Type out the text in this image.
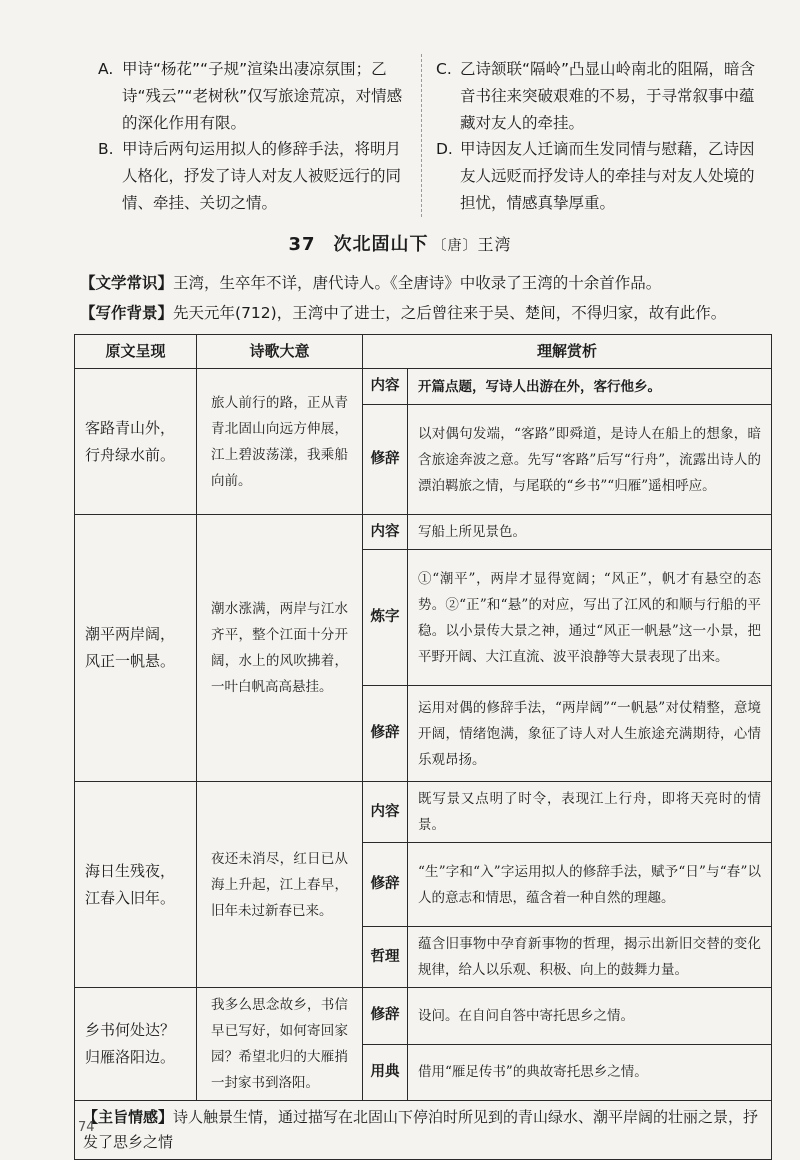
A. 甲诗“杨花”“子规”渲染出凄凉氛围；乙诗“残云”“老树秋”仅写旅途荒凉，对情感的深化作用有限。
B. 甲诗后两句运用拟人的修辞手法，将明月人格化，抒发了诗人对友人被贬远行的同情、牵挂、关切之情。
C. 乙诗颔联“隔岭”凸显山岭南北的阻隔，暗含音书往来突破艰难的不易，于寻常叙事中蕴藏对友人的牵挂。
D. 甲诗因友人迁谪而生发同情与慰藉，乙诗因友人远贬而抒发诗人的牵挂与对友人处境的担忧，情感真挚厚重。
37 次北固山下 〔唐〕王湾
【文学常识】王湾，生卒年不详，唐代诗人。《全唐诗》中收录了王湾的十余首作品。
【写作背景】先天元年(712)，王湾中了进士，之后曾往来于吴、楚间，不得归家，故有此作。
原文呈现	诗歌大意	理解赏析	
客路青山外，行舟绿水前。	旅人前行的路，正从青青北固山向远方伸展，江上碧波荡漾，我乘船向前。	内容	开篇点题，写诗人出游在外，客行他乡。
		修辞	以对偶句发端，“客路”即舜道，是诗人在船上的想象，暗含旅途奔波之意。先写“客路”后写“行舟”，流露出诗人的漂泊羁旅之情，与尾联的“乡书”“归雁”遥相呼应。
潮平两岸阔，风正一帆悬。	潮水涨满，两岸与江水齐平，整个江面十分开阔，水上的风吹拂着，一叶白帆高高悬挂。	内容	写船上所见景色。
		炼字	①“潮平”，两岸才显得宽阔；“风正”，帆才有悬空的态势。②“正”和“悬”的对应，写出了江风的和顺与行船的平稳。以小景传大景之神，通过“风正一帆悬”这一小景，把平野开阔、大江直流、波平浪静等大景表现了出来。
		修辞	运用对偶的修辞手法，“两岸阔”“一帆悬”对仗精整，意境开阔，情绪饱满，象征了诗人对人生旅途充满期待，心情乐观昂扬。
海日生残夜，江春入旧年。	夜还未消尽，红日已从海上升起，江上春早，旧年未过新春已来。	内容	既写景又点明了时令，表现江上行舟，即将天亮时的情景。
		修辞	“生”字和“入”字运用拟人的修辞手法，赋予“日”与“春”以人的意志和情思，蕴含着一种自然的理趣。
		哲理	蕴含旧事物中孕育新事物的哲理，揭示出新旧交替的变化规律，给人以乐观、积极、向上的鼓舞力量。
乡书何处达？归雁洛阳边。	我多么思念故乡，书信早已写好，如何寄回家园？希望北归的大雁捎一封家书到洛阳。	修辞	设问。在自问自答中寄托思乡之情。
		用典	借用“雁足传书”的典故寄托思乡之情。
【主旨情感】诗人触景生情，通过描写在北固山下停泊时所见到的青山绿水、潮平岸阔的壮丽之景，抒发了思乡之情			
74
